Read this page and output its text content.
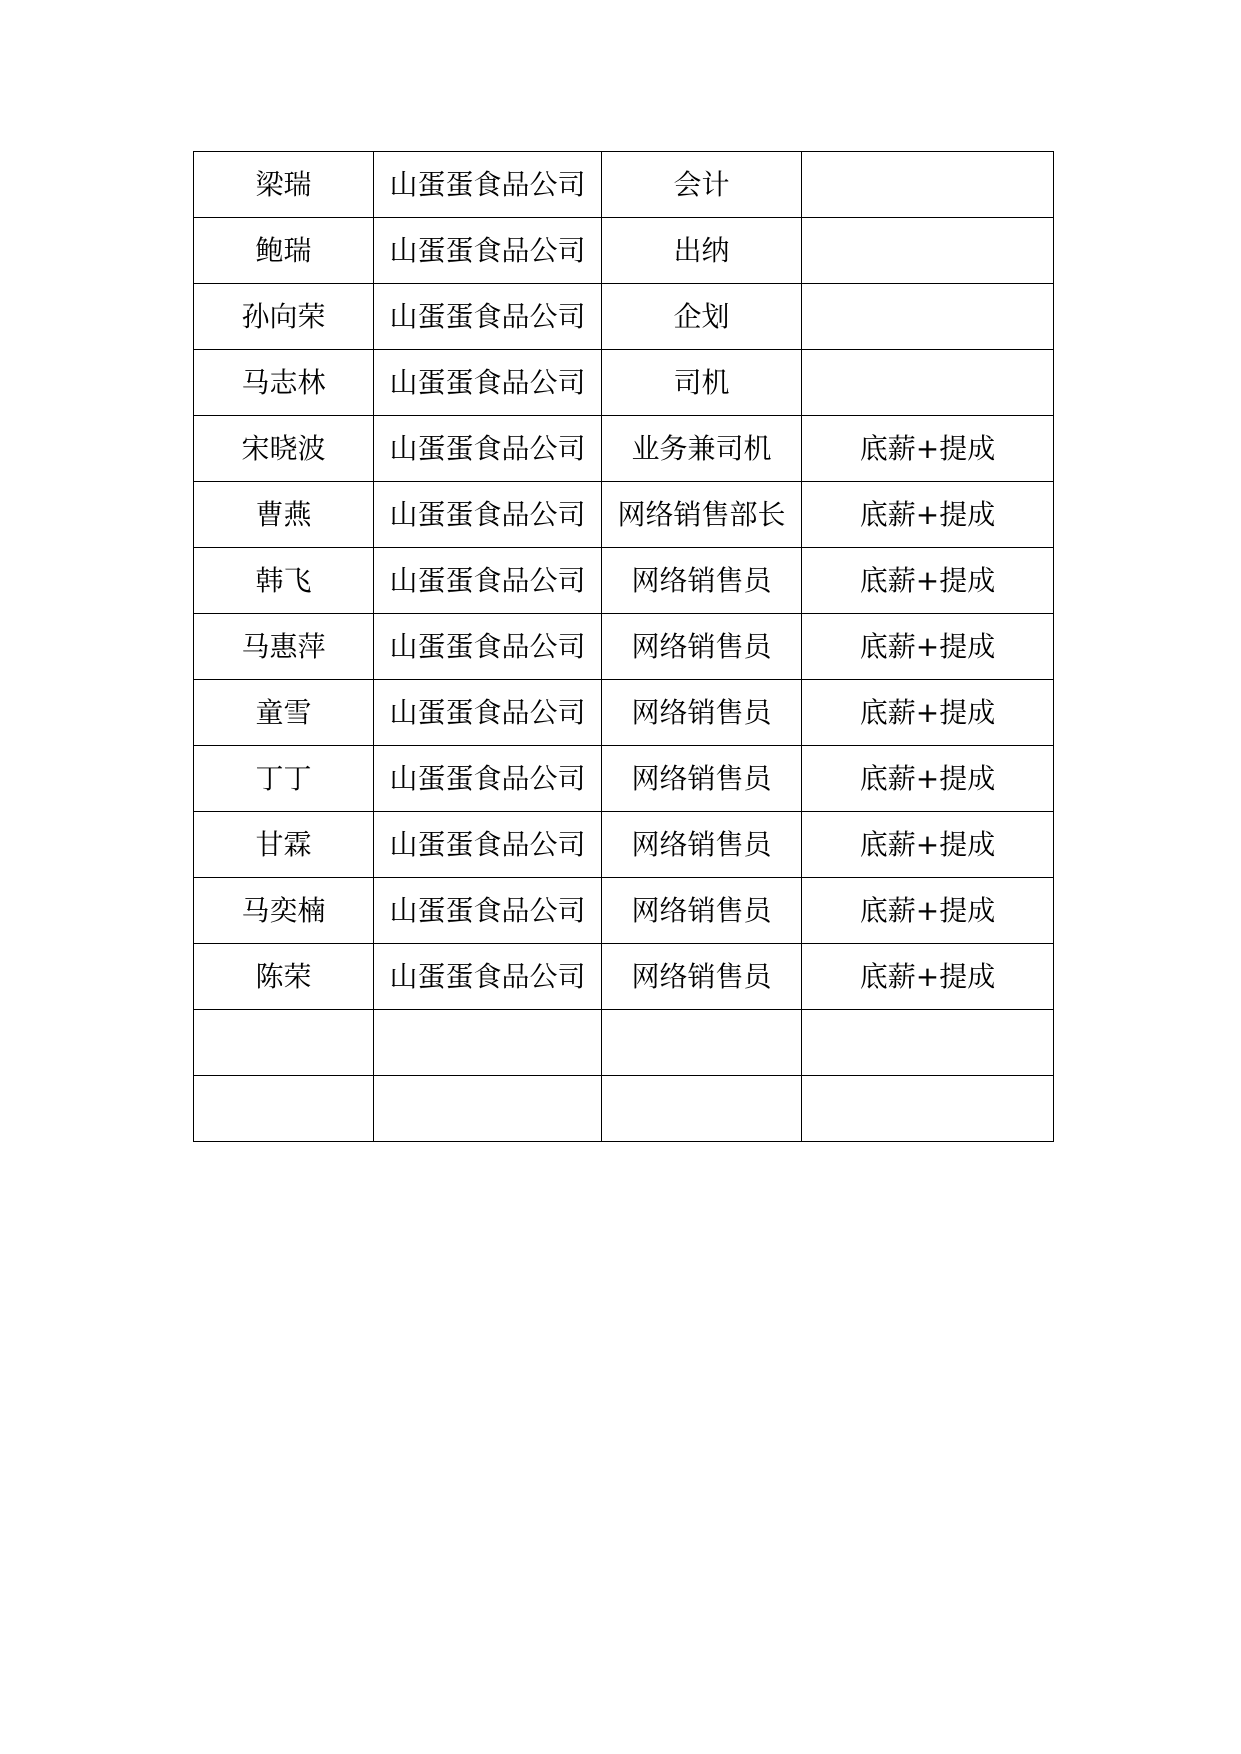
梁瑞	山蛋蛋食品公司	会计	
鲍瑞	山蛋蛋食品公司	出纳	
孙向荣	山蛋蛋食品公司	企划	
马志林	山蛋蛋食品公司	司机	
宋晓波	山蛋蛋食品公司	业务兼司机	底薪+提成
曹燕	山蛋蛋食品公司	网络销售部长	底薪+提成
韩飞	山蛋蛋食品公司	网络销售员	底薪+提成
马惠萍	山蛋蛋食品公司	网络销售员	底薪+提成
童雪	山蛋蛋食品公司	网络销售员	底薪+提成
丁丁	山蛋蛋食品公司	网络销售员	底薪+提成
甘霖	山蛋蛋食品公司	网络销售员	底薪+提成
马奕楠	山蛋蛋食品公司	网络销售员	底薪+提成
陈荣	山蛋蛋食品公司	网络销售员	底薪+提成
